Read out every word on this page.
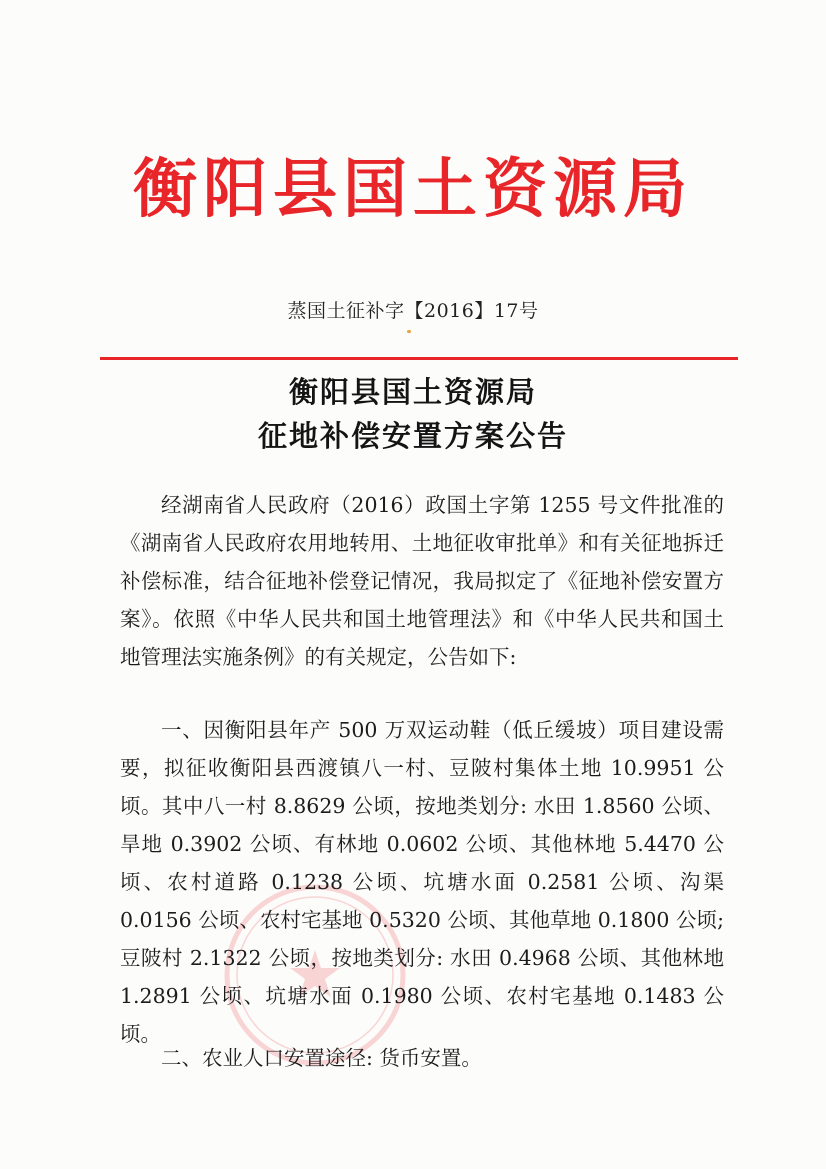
衡阳县国土资源局
蒸国土征补字【2016】17号
衡阳县国土资源局
征地补偿安置方案公告

经湖南省人民政府（2016）政国土字第 1255 号文件批准的《湖南省人民政府农用地转用、土地征收审批单》和有关征地拆迁补偿标准，结合征地补偿登记情况，我局拟定了《征地补偿安置方案》。依照《中华人民共和国土地管理法》和《中华人民共和国土地管理法实施条例》的有关规定，公告如下:

一、因衡阳县年产 500 万双运动鞋（低丘缓坡）项目建设需要，拟征收衡阳县西渡镇八一村、豆陂村集体土地 10.9951 公顷。其中八一村 8.8629 公顷，按地类划分: 水田 1.8560 公顷、旱地 0.3902 公顷、有林地 0.0602 公顷、其他林地 5.4470 公顷、农村道路 0.1238 公顷、坑塘水面 0.2581 公顷、沟渠 0.0156 公顷、农村宅基地 0.5320 公顷、其他草地 0.1800 公顷; 豆陂村 2.1322 公顷，按地类划分: 水田 0.4968 公顷、其他林地 1.2891 公顷、坑塘水面 0.1980 公顷、农村宅基地 0.1483 公顷。

二、农业人口安置途径: 货币安置。
